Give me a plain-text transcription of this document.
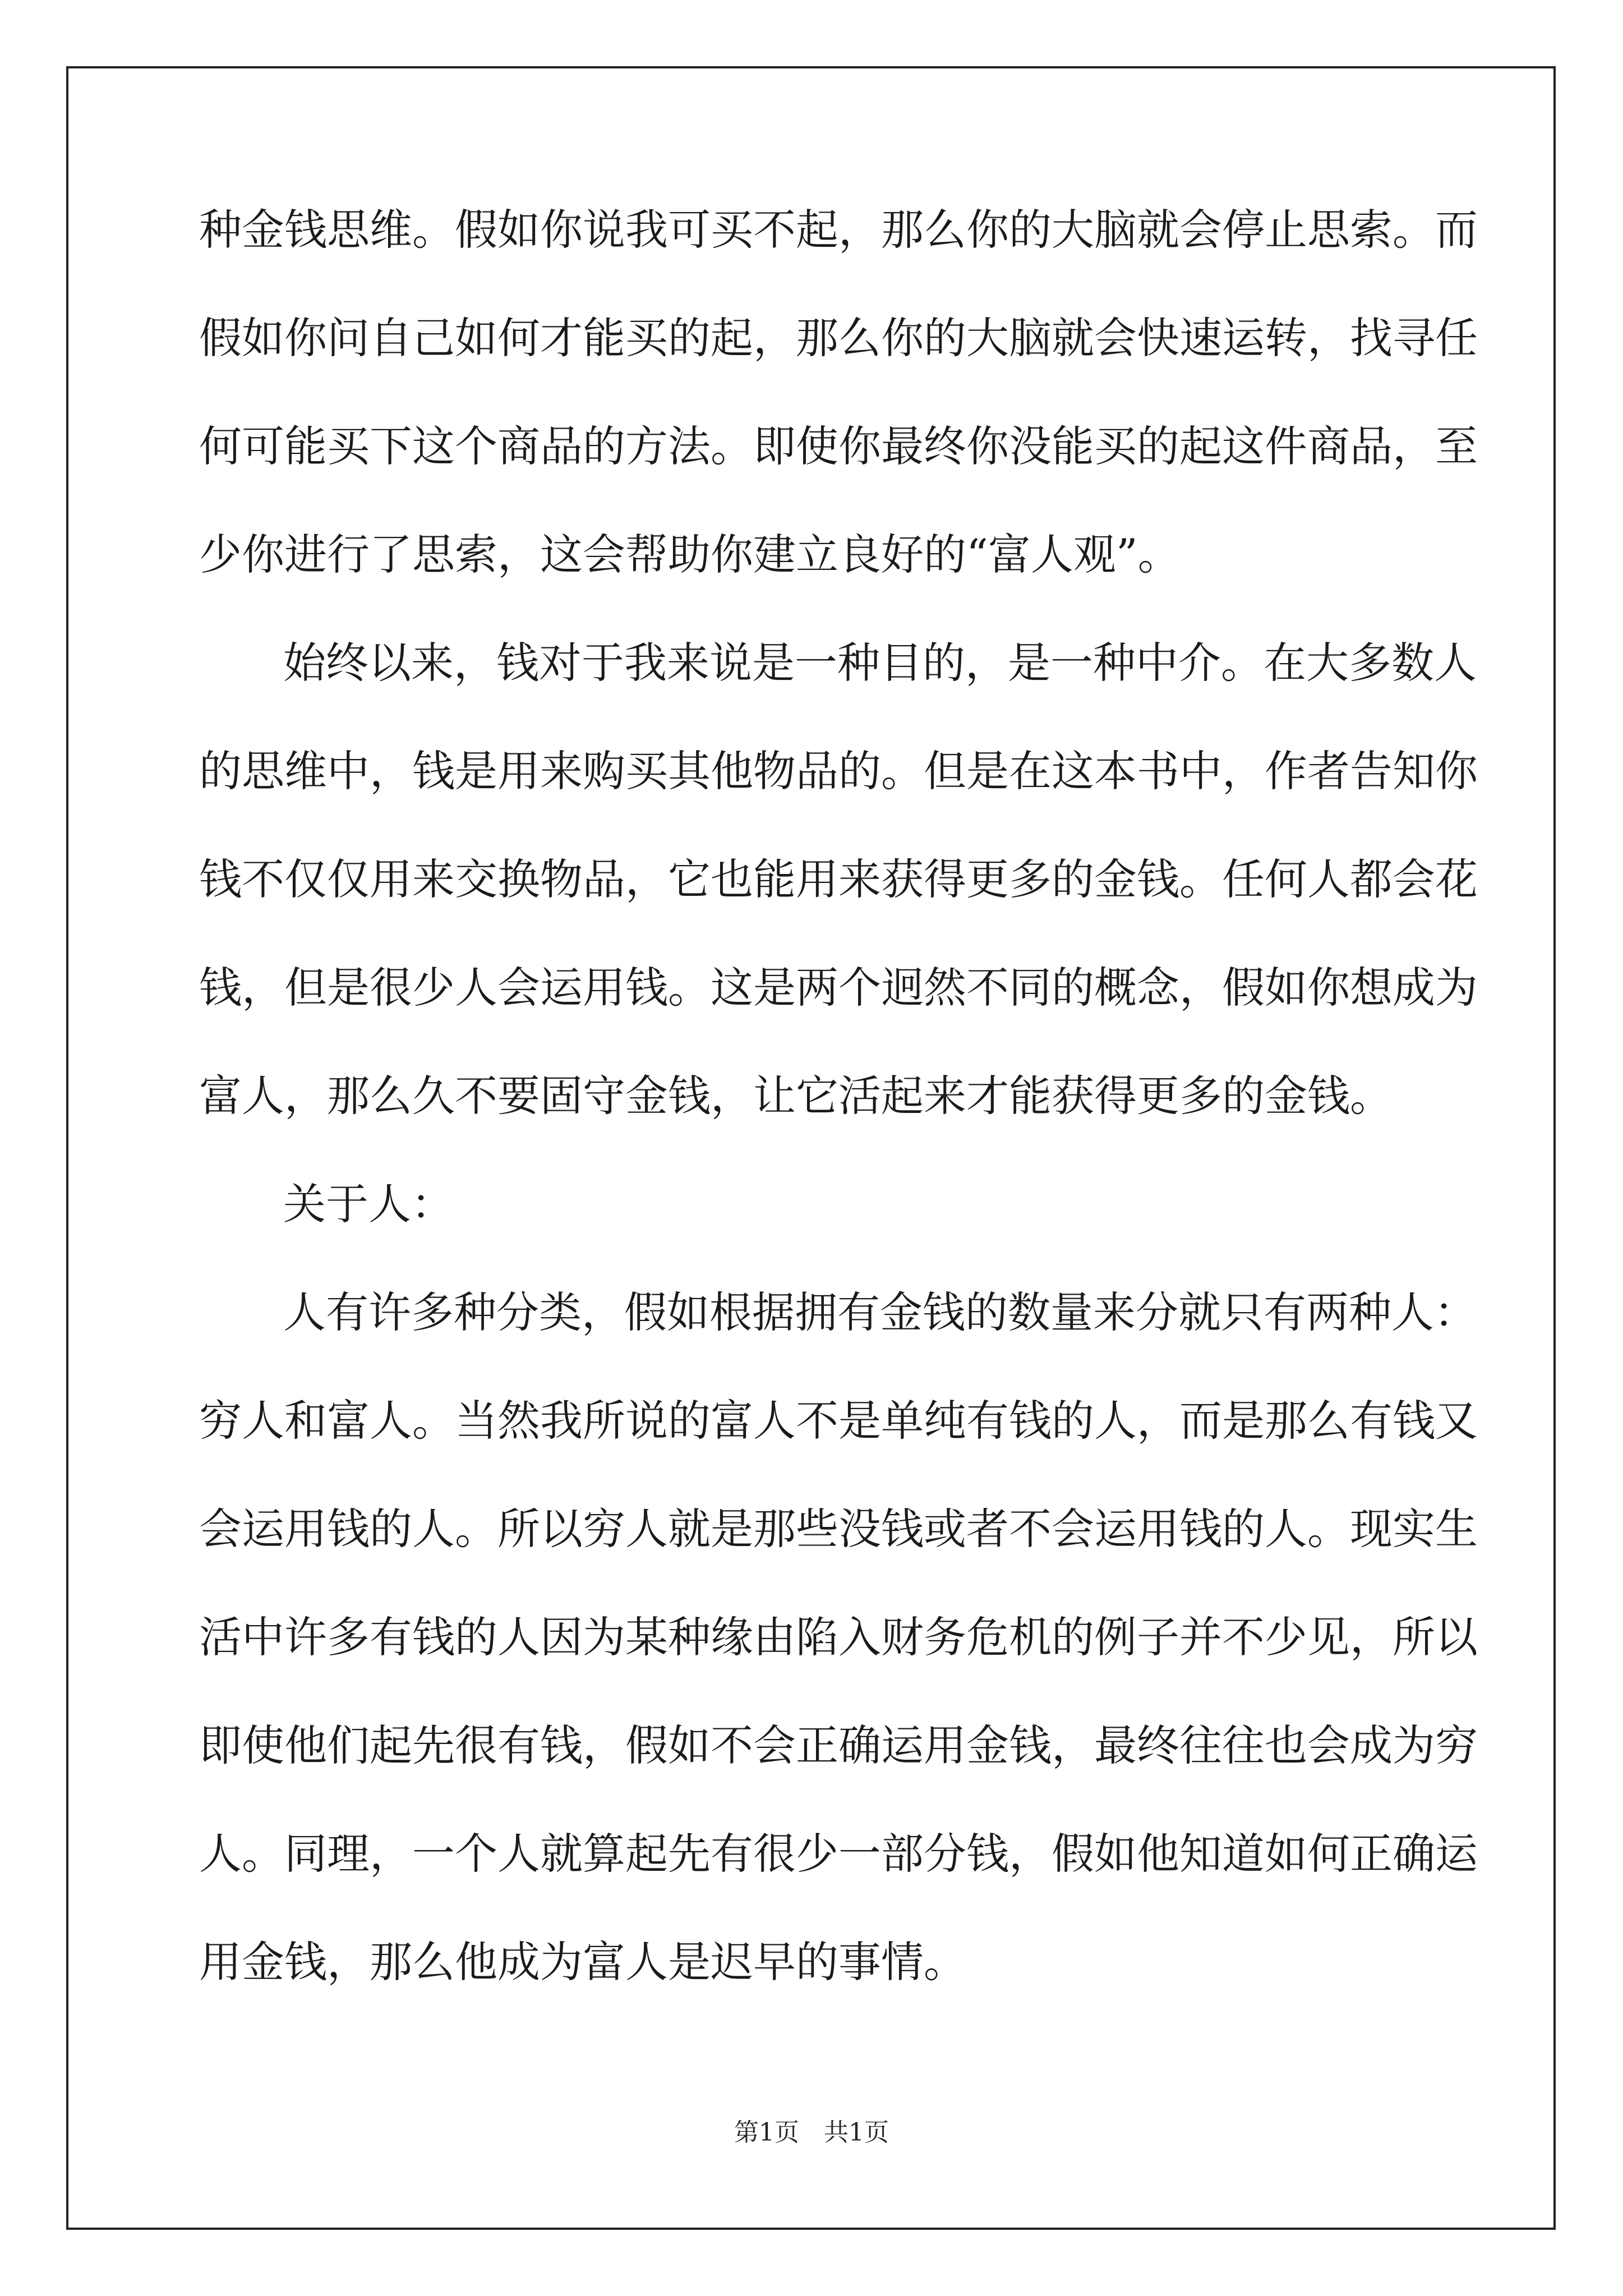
种金钱思维。假如你说我可买不起，那么你的大脑就会停止思索。而
假如你问自己如何才能买的起，那么你的大脑就会快速运转，找寻任
何可能买下这个商品的方法。即使你最终你没能买的起这件商品，至
少你进行了思索，这会帮助你建立良好的“富人观”。
始终以来，钱对于我来说是一种目的，是一种中介。在大多数人
的思维中，钱是用来购买其他物品的。但是在这本书中，作者告知你
钱不仅仅用来交换物品，它也能用来获得更多的金钱。任何人都会花
钱，但是很少人会运用钱。这是两个迥然不同的概念，假如你想成为
富人，那么久不要固守金钱，让它活起来才能获得更多的金钱。
关于人：
人有许多种分类，假如根据拥有金钱的数量来分就只有两种人：
穷人和富人。当然我所说的富人不是单纯有钱的人，而是那么有钱又
会运用钱的人。所以穷人就是那些没钱或者不会运用钱的人。现实生
活中许多有钱的人因为某种缘由陷入财务危机的例子并不少见，所以
即使他们起先很有钱，假如不会正确运用金钱，最终往往也会成为穷
人。同理，一个人就算起先有很少一部分钱，假如他知道如何正确运
用金钱，那么他成为富人是迟早的事情。
第1页　共1页
